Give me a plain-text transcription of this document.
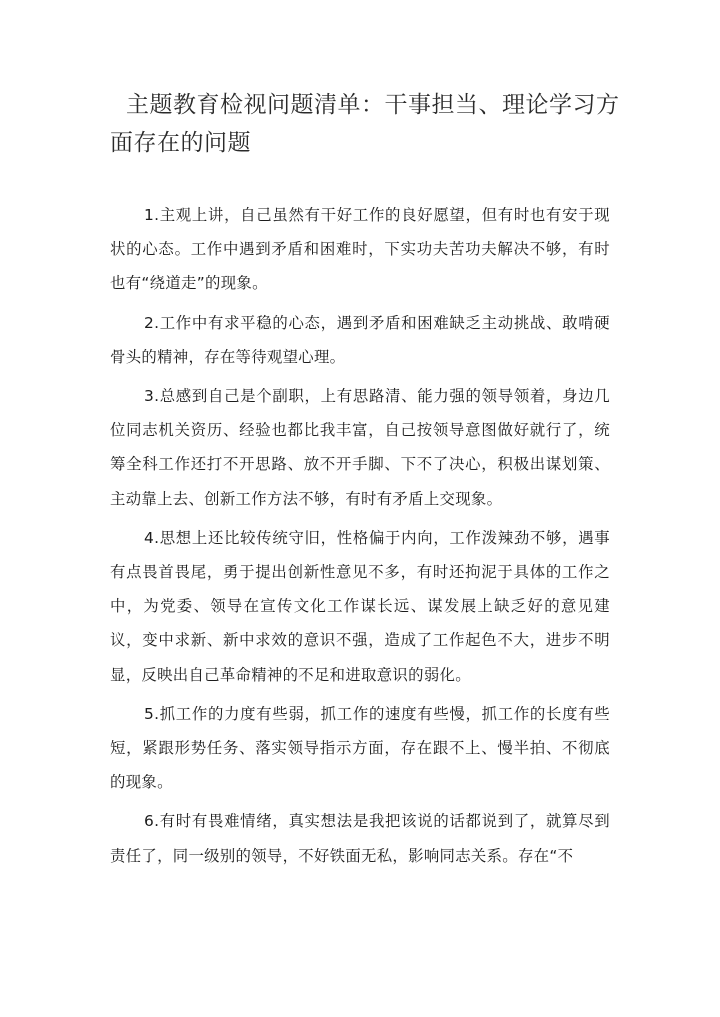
主题教育检视问题清单：干事担当、理论学习方面存在的问题

1.主观上讲，自己虽然有干好工作的良好愿望，但有时也有安于现状的心态。工作中遇到矛盾和困难时，下实功夫苦功夫解决不够，有时也有“绕道走”的现象。

2.工作中有求平稳的心态，遇到矛盾和困难缺乏主动挑战、敢啃硬骨头的精神，存在等待观望心理。

3.总感到自己是个副职，上有思路清、能力强的领导领着，身边几位同志机关资历、经验也都比我丰富，自己按领导意图做好就行了，统筹全科工作还打不开思路、放不开手脚、下不了决心，积极出谋划策、主动靠上去、创新工作方法不够，有时有矛盾上交现象。

4.思想上还比较传统守旧，性格偏于内向，工作泼辣劲不够，遇事有点畏首畏尾，勇于提出创新性意见不多，有时还拘泥于具体的工作之中，为党委、领导在宣传文化工作谋长远、谋发展上缺乏好的意见建议，变中求新、新中求效的意识不强，造成了工作起色不大，进步不明显，反映出自己革命精神的不足和进取意识的弱化。

5.抓工作的力度有些弱，抓工作的速度有些慢，抓工作的长度有些短，紧跟形势任务、落实领导指示方面，存在跟不上、慢半拍、不彻底的现象。

6.有时有畏难情绪，真实想法是我把该说的话都说到了，就算尽到责任了，同一级别的领导，不好铁面无私，影响同志关系。存在“不
